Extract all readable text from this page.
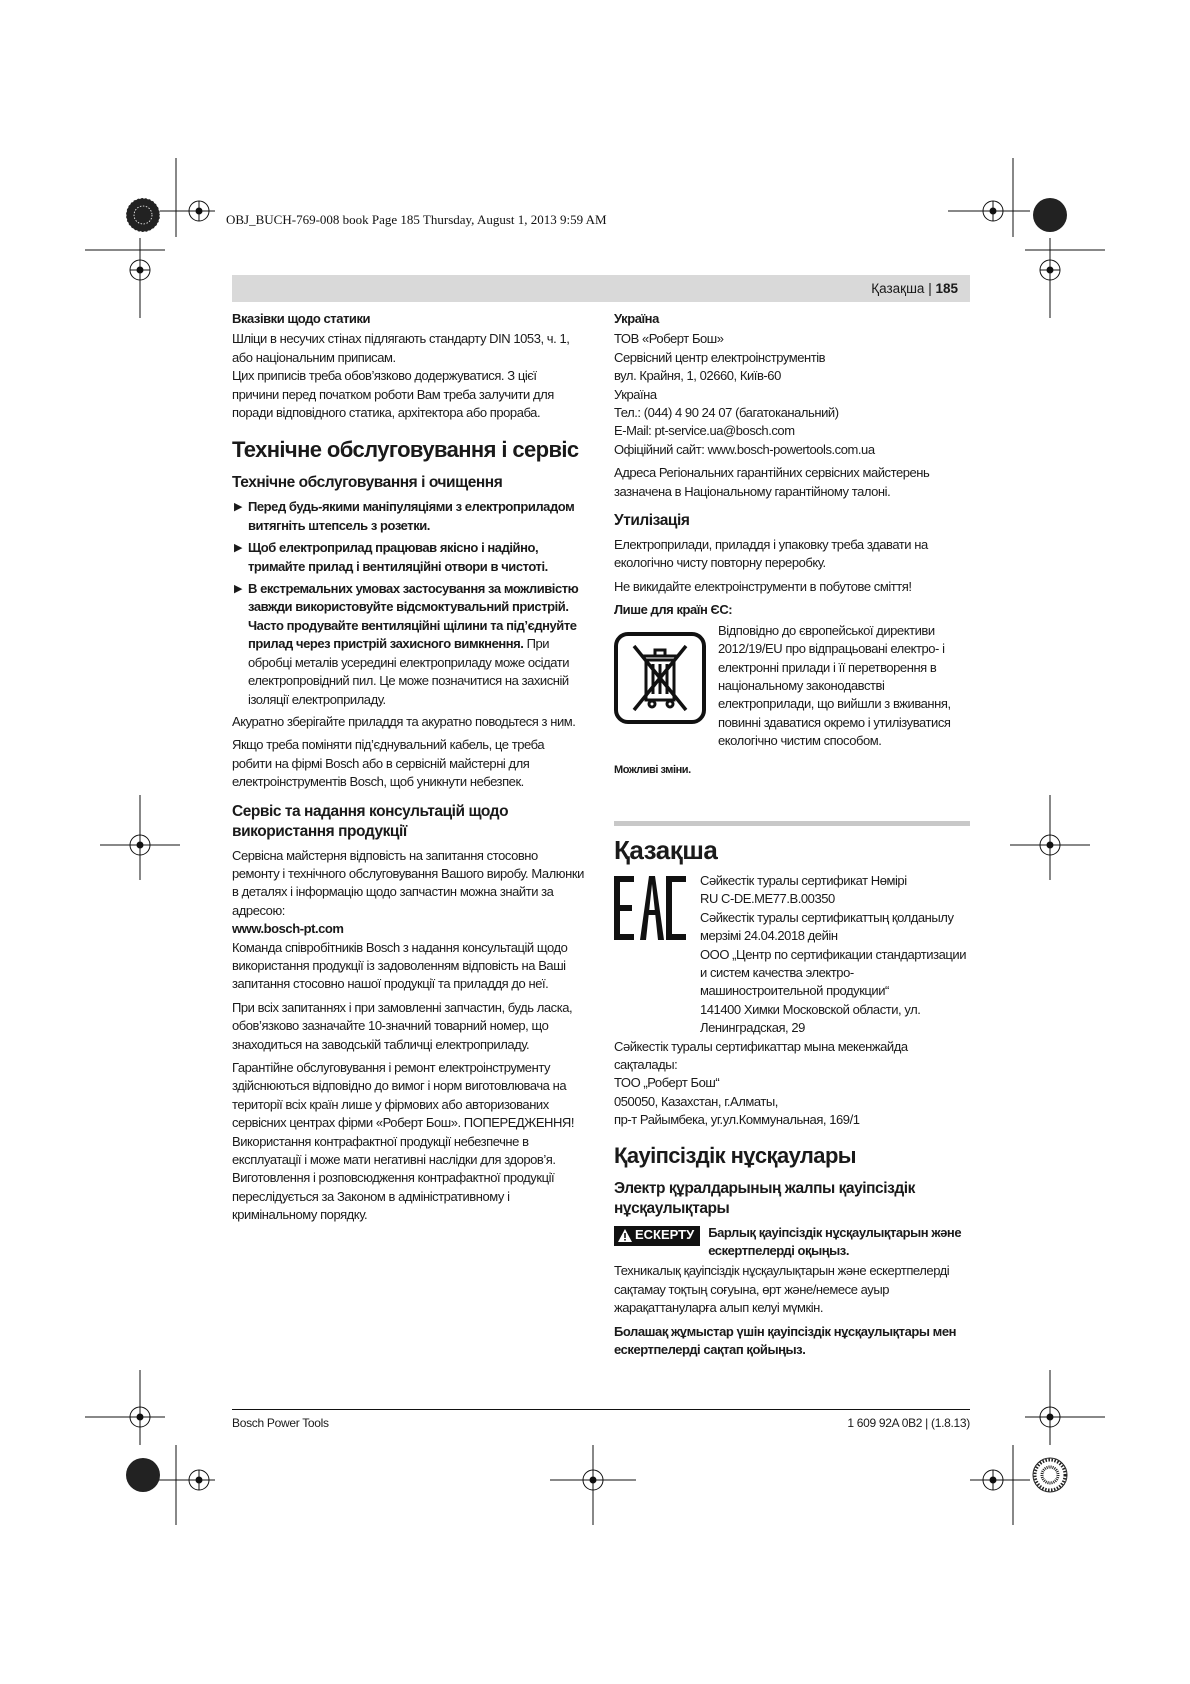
OBJ_BUCH-769-008 book Page 185 Thursday, August 1, 2013 9:59 AM
Қазақша | 185
Вказівки щодо статики

Шліци в несучих стінах підлягають стандарту DIN 1053, ч. 1, або національним приписам.

Цих приписів треба обов’язково додержуватися. З цієї причини перед початком роботи Вам треба залучити для поради відповідного статика, архітектора або прораба.

Технічне обслуговування і сервіс
Технічне обслуговування і очищення
▶ Перед будь-якими маніпуляціями з електроприладом витягніть штепсель з розетки.
▶ Щоб електроприлад працював якісно і надійно, тримайте прилад і вентиляційні отвори в чистоті.
▶ В екстремальних умовах застосування за можливістю завжди використовуйте відсмоктувальний пристрій. Часто продувайте вентиляційні щілини та під’єднуйте прилад через пристрій захисного вимкнення. При обробці металів усередині електроприладу може осідати електропровідний пил. Це може позначитися на захисній ізоляції електроприладу.

Акуратно зберігайте приладдя та акуратно поводьтеся з ним.

Якщо треба поміняти під’єднувальний кабель, це треба робити на фірмі Bosch або в сервісній майстерні для електроінструментів Bosch, щоб уникнути небезпек.

Сервіс та надання консультацій щодо використання продукції

Сервісна майстерня відповість на запитання стосовно ремонту і технічного обслуговування Вашого виробу. Малюнки в деталях і інформацію щодо запчастин можна знайти за адресою:

www.bosch-pt.com

Команда співробітників Bosch з надання консультацій щодо використання продукції із задоволенням відповість на Ваші запитання стосовно нашої продукції та приладдя до неї.

При всіх запитаннях і при замовленні запчастин, будь ласка, обов’язково зазначайте 10-значний товарний номер, що знаходиться на заводській табличці електроприладу.

Гарантійне обслуговування і ремонт електроінструменту здійснюються відповідно до вимог і норм виготовлювача на території всіх країн лише у фірмових або авторизованих сервісних центрах фірми «Роберт Бош». ПОПЕРЕДЖЕННЯ! Використання контрафактної продукції небезпечне в експлуатації і може мати негативні наслідки для здоров’я. Виготовлення і розповсюдження контрафактної продукції переслідується за Законом в адміністративному і кримінальному порядку.

Україна
ТОВ «Роберт Бош»
Сервісний центр електроінструментів
вул. Крайня, 1, 02660, Київ-60
Україна
Тел.: (044) 4 90 24 07 (багатоканальний)
E-Mail: pt-service.ua@bosch.com

Офіційний сайт: www.bosch-powertools.com.ua

Адреса Регіональних гарантійних сервісних майстерень зазначена в Національному гарантійному талоні.

Утилізація

Електроприлади, приладдя і упаковку треба здавати на екологічно чисту повторну переробку.

Не викидайте електроінструменти в побутове сміття!

Лише для країн ЄС:
Відповідно до європейської директиви 2012/19/EU про відпрацьовані електро- і електронні прилади і її перетворення в національному законодавстві електроприлади, що вийшли з вживання, повинні здаватися окремо і утилізуватися екологічно чистим способом.
Можливі зміни.
Қазақша
Сәйкестік туралы сертификат Нөмірі
RU C-DE.ME77.B.00350
Сәйкестік туралы сертификаттың қолданылу мерзімі 24.04.2018 дейін
ООО „Центр по сертификации стандартизации и систем качества электро-машиностроительной продукции“
141400 Химки Московской области, ул. Ленинградская, 29
Сәйкестік туралы сертификаттар мына мекенжайда сақталады:
ТОО „Роберт Бош“
050050, Казахстан, г.Алматы,
пр-т Райымбека, уг.ул.Коммунальная, 169/1
Қауіпсіздік нұсқаулары
Электр құралдарының жалпы қауіпсіздік нұсқаулықтары
ЕСКЕРТУ Барлық қауіпсіздік нұсқаулықтарын және ескертпелерді оқыңыз.

Техникалық қауіпсіздік нұсқаулықтарын және ескертпелерді сақтамау тоқтың соғуына, өрт және/немесе ауыр жарақаттануларға алып келуі мүмкін.

Болашақ жұмыстар үшін қауіпсіздік нұсқаулықтары мен ескертпелерді сақтап қойыңыз.

Bosch Power Tools	1 609 92A 0B2 | (1.8.13)
